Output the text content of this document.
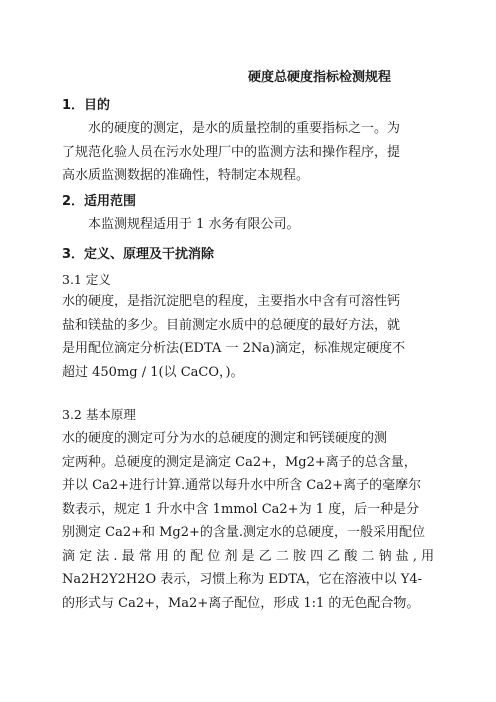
硬度总硬度指标检测规程
1．目的
水的硬度的测定，是水的质量控制的重要指标之一。为
了规范化验人员在污水处理厂中的监测方法和操作程序，提
高水质监测数据的准确性，特制定本规程。
2．适用范围
本监测规程适用于 1 水务有限公司。
3．定义、原理及干扰消除
3.1 定义
水的硬度，是指沉淀肥皂的程度，主要指水中含有可溶性钙
盐和镁盐的多少。目前测定水质中的总硬度的最好方法，就
是用配位滴定分析法(EDTA 一 2Na)滴定，标准规定硬度不
超过 450mg / 1(以 CaCO，)。
3.2 基本原理
水的硬度的测定可分为水的总硬度的测定和钙镁硬度的测
定两种。总硬度的测定是滴定 Ca2+，Mg2+离子的总含量，
并以 Ca2+进行计算.通常以每升水中所含 Ca2+离子的毫摩尔
数表示，规定 1 升水中含 1mmol Ca2+为 1 度，后一种是分
别测定 Ca2+和 Mg2+的含量.测定水的总硬度，一般采用配位
滴 定 法 . 最 常 用 的 配 位 剂 是 乙 二 胺 四 乙 酸 二 钠 盐 , 用
Na2H2Y2H2O 表示，习惯上称为 EDTA，它在溶液中以 Y4-
的形式与 Ca2+，Ma2+离子配位，形成 1:1 的无色配合物。
